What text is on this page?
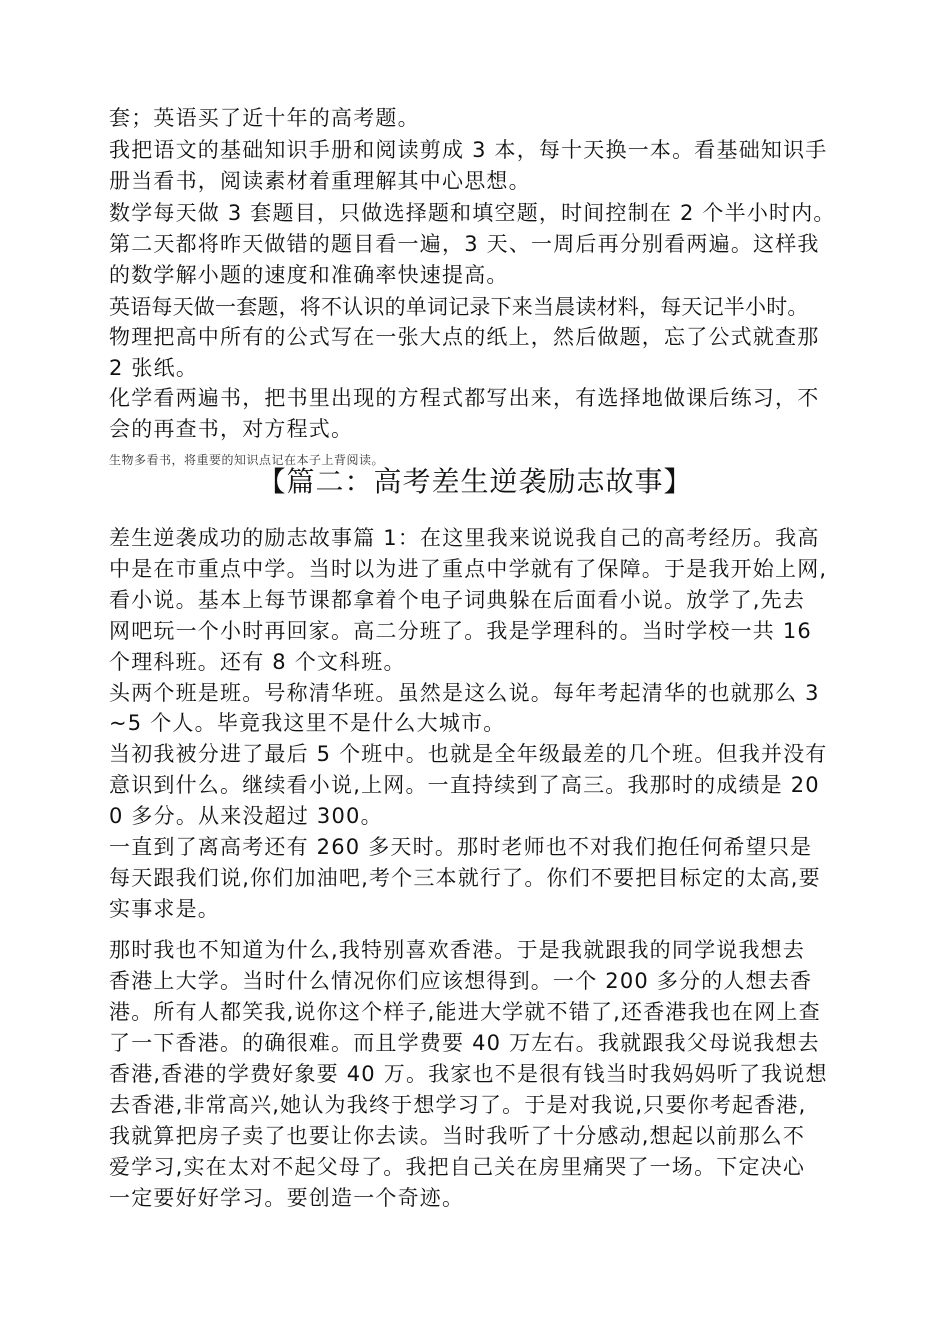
套；英语买了近十年的高考题。
我把语文的基础知识手册和阅读剪成 3 本，每十天换一本。看基础知识手
册当看书，阅读素材着重理解其中心思想。
数学每天做 3 套题目，只做选择题和填空题，时间控制在 2 个半小时内。
第二天都将昨天做错的题目看一遍，3 天、一周后再分别看两遍。这样我
的数学解小题的速度和准确率快速提高。
英语每天做一套题，将不认识的单词记录下来当晨读材料，每天记半小时。
物理把高中所有的公式写在一张大点的纸上，然后做题，忘了公式就查那
2 张纸。
化学看两遍书，把书里出现的方程式都写出来，有选择地做课后练习，不
会的再查书，对方程式。
生物多看书，将重要的知识点记在本子上背阅读。
【篇二：高考差生逆袭励志故事】
差生逆袭成功的励志故事篇 1：在这里我来说说我自己的高考经历。我高
中是在市重点中学。当时以为进了重点中学就有了保障。于是我开始上网,
看小说。基本上每节课都拿着个电子词典躲在后面看小说。放学了,先去
网吧玩一个小时再回家。高二分班了。我是学理科的。当时学校一共 16
个理科班。还有 8 个文科班。
头两个班是班。号称清华班。虽然是这么说。每年考起清华的也就那么 3
~5 个人。毕竟我这里不是什么大城市。
当初我被分进了最后 5 个班中。也就是全年级最差的几个班。但我并没有
意识到什么。继续看小说,上网。一直持续到了高三。我那时的成绩是 20
0 多分。从来没超过 300。
一直到了离高考还有 260 多天时。那时老师也不对我们抱任何希望只是
每天跟我们说,你们加油吧,考个三本就行了。你们不要把目标定的太高,要
实事求是。
那时我也不知道为什么,我特别喜欢香港。于是我就跟我的同学说我想去
香港上大学。当时什么情况你们应该想得到。一个 200 多分的人想去香
港。所有人都笑我,说你这个样子,能进大学就不错了,还香港我也在网上查
了一下香港。的确很难。而且学费要 40 万左右。我就跟我父母说我想去
香港,香港的学费好象要 40 万。我家也不是很有钱当时我妈妈听了我说想
去香港,非常高兴,她认为我终于想学习了。于是对我说,只要你考起香港,
我就算把房子卖了也要让你去读。当时我听了十分感动,想起以前那么不
爱学习,实在太对不起父母了。我把自己关在房里痛哭了一场。下定决心
一定要好好学习。要创造一个奇迹。
